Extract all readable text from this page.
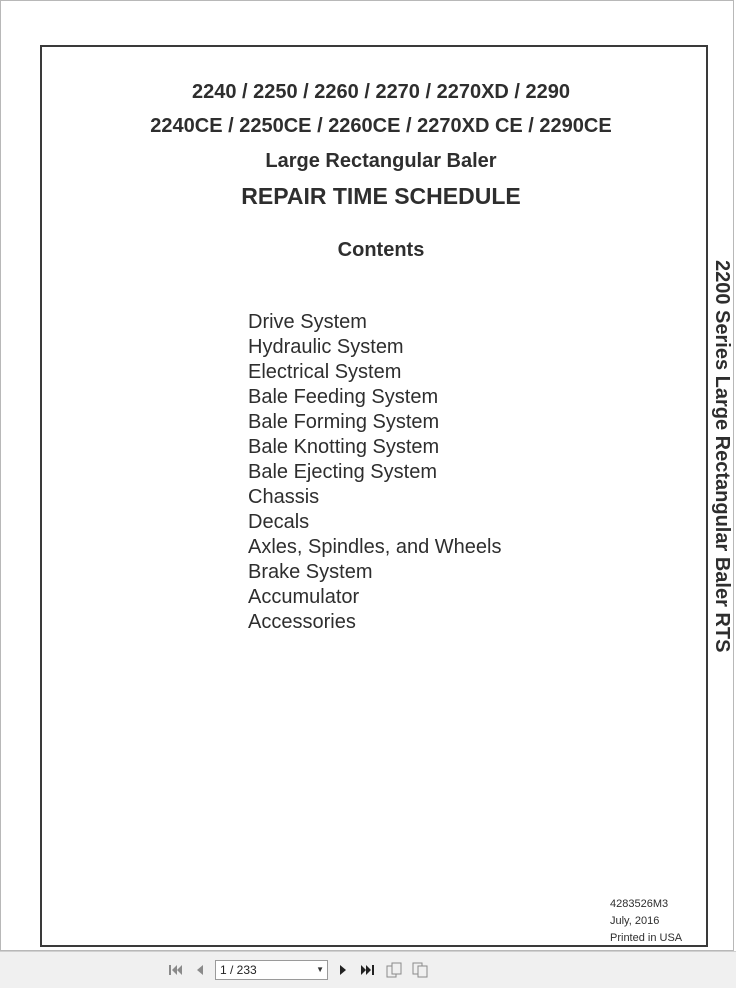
2240 / 2250 / 2260 / 2270 / 2270XD / 2290
2240CE / 2250CE / 2260CE / 2270XD CE / 2290CE
Large Rectangular Baler
REPAIR TIME SCHEDULE
Contents
Drive System
Hydraulic System
Electrical System
Bale Feeding System
Bale Forming System
Bale Knotting System
Bale Ejecting System
Chassis
Decals
Axles, Spindles, and Wheels
Brake System
Accumulator
Accessories	2200 Series Large Rectangular Baler RTS
4283526M3
July, 2016
Printed in USA
1 / 233	▼
